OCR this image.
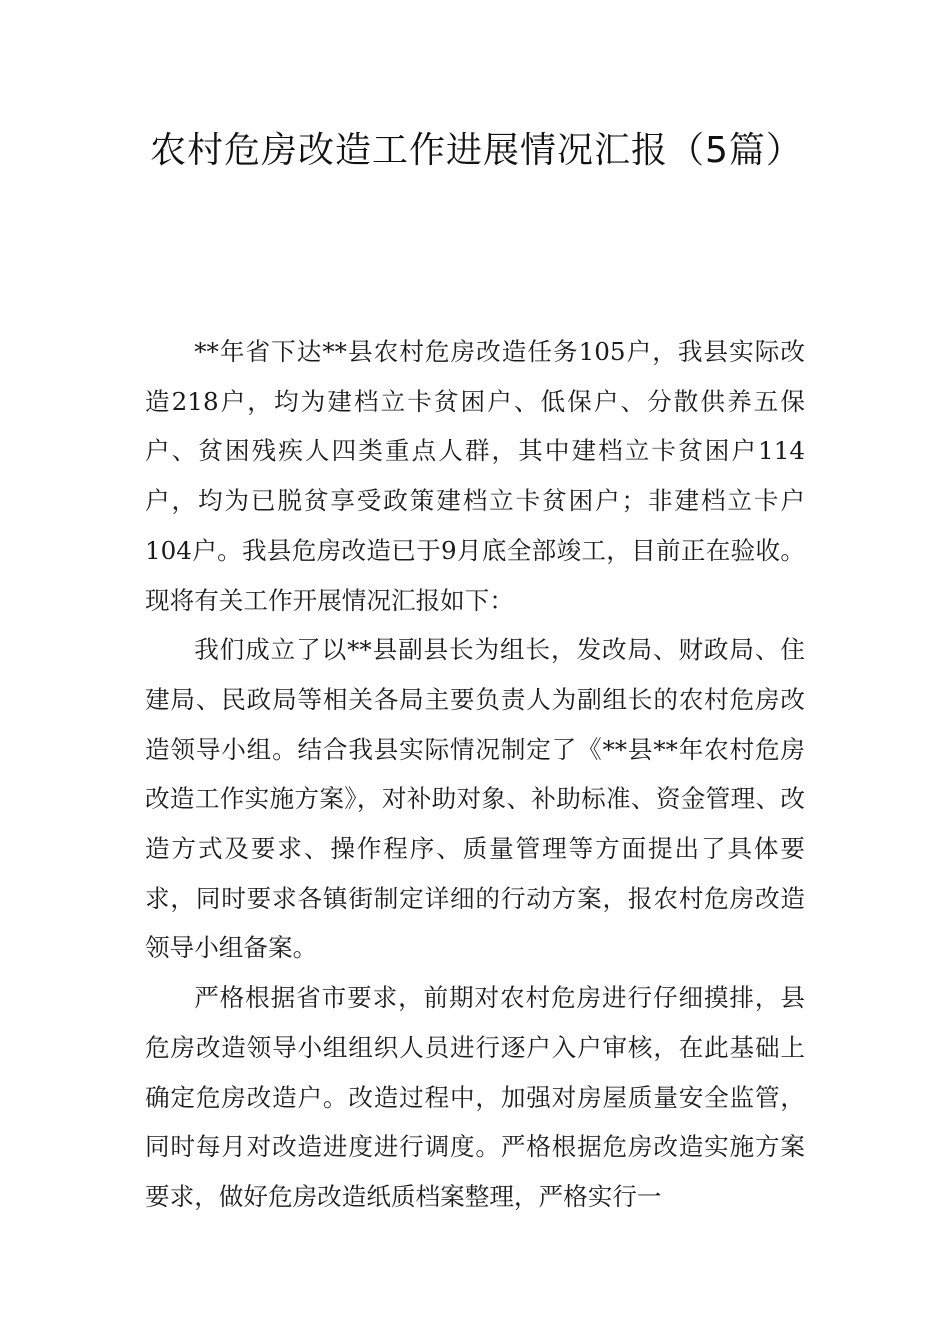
农村危房改造工作进展情况汇报（5篇）

**年省下达**县农村危房改造任务105户，我县实际改造218户，均为建档立卡贫困户、低保户、分散供养五保户、贫困残疾人四类重点人群，其中建档立卡贫困户114户，均为已脱贫享受政策建档立卡贫困户；非建档立卡户104户。我县危房改造已于9月底全部竣工，目前正在验收。现将有关工作开展情况汇报如下：

我们成立了以**县副县长为组长，发改局、财政局、住建局、民政局等相关各局主要负责人为副组长的农村危房改造领导小组。结合我县实际情况制定了《**县**年农村危房改造工作实施方案》，对补助对象、补助标准、资金管理、改造方式及要求、操作程序、质量管理等方面提出了具体要求，同时要求各镇街制定详细的行动方案，报农村危房改造领导小组备案。

严格根据省市要求，前期对农村危房进行仔细摸排，县危房改造领导小组组织人员进行逐户入户审核，在此基础上确定危房改造户。改造过程中，加强对房屋质量安全监管，同时每月对改造进度进行调度。严格根据危房改造实施方案要求，做好危房改造纸质档案整理，严格实行一
